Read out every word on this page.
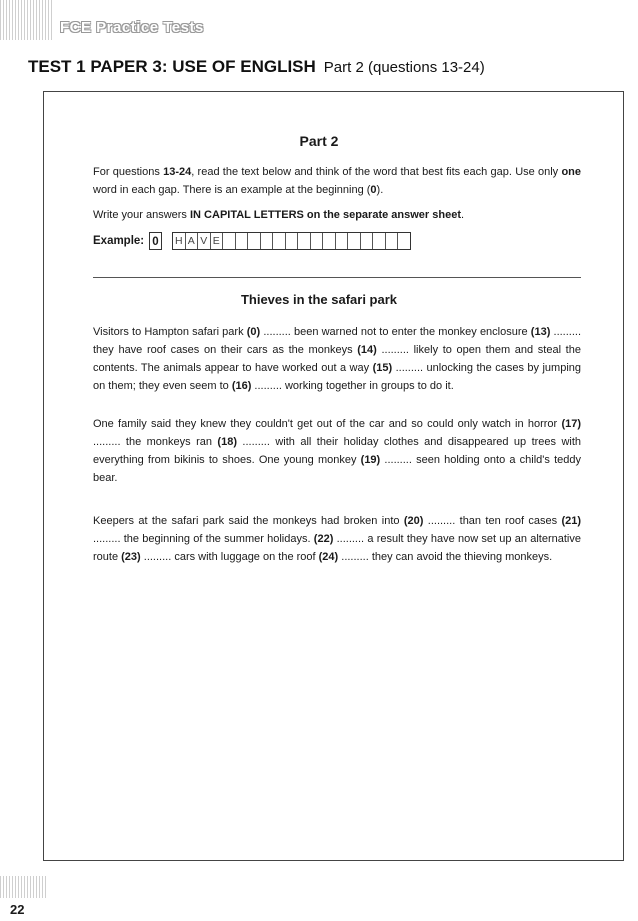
FCE Practice Tests
TEST 1 PAPER 3: USE OF ENGLISH Part 2 (questions 13-24)
Part 2

For questions 13-24, read the text below and think of the word that best fits each gap. Use only one word in each gap. There is an example at the beginning (0).

Write your answers IN CAPITAL LETTERS on the separate answer sheet.

Example: 0	H A V E
Thieves in the safari park

Visitors to Hampton safari park (0) ......... been warned not to enter the monkey enclosure (13) ......... they have roof cases on their cars as the monkeys (14) ......... likely to open them and steal the contents. The animals appear to have worked out a way (15) ......... unlocking the cases by jumping on them; they even seem to (16) ......... working together in groups to do it.

One family said they knew they couldn't get out of the car and so could only watch in horror (17) ......... the monkeys ran (18) ......... with all their holiday clothes and disappeared up trees with everything from bikinis to shoes. One young monkey (19) ......... seen holding onto a child's teddy bear.

Keepers at the safari park said the monkeys had broken into (20) ......... than ten roof cases (21) ......... the beginning of the summer holidays. (22) ......... a result they have now set up an alternative route (23) ......... cars with luggage on the roof (24) ......... they can avoid the thieving monkeys.

22
